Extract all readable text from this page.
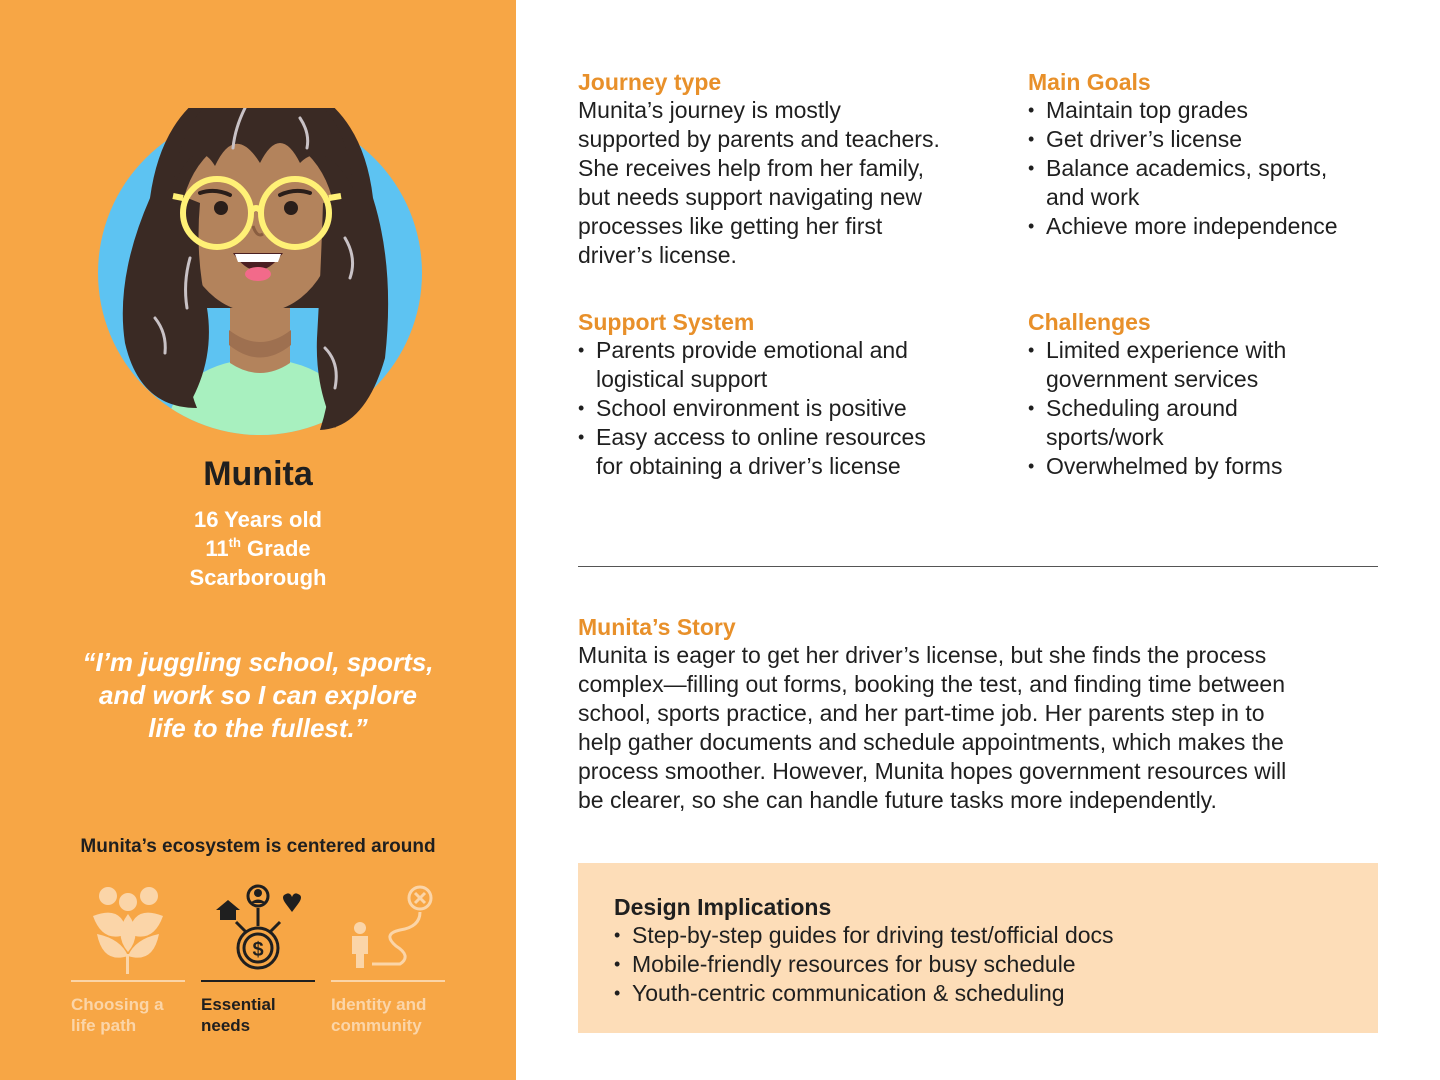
Munita
16 Years old
11th Grade
Scarborough
“I’m juggling school, sports,
and work so I can explore
life to the fullest.”
Munita’s ecosystem is centered around
Choosing a
life path
$
Essential
needs
Identity and
community
Journey type
Munita’s journey is mostly
supported by parents and teachers.
She receives help from her family,
but needs support navigating new
processes like getting her first
driver’s license.
Main Goals
• Maintain top grades
• Get driver’s license
• Balance academics, sports,
and work
• Achieve more independence
Support System
• Parents provide emotional and
logistical support
• School environment is positive
• Easy access to online resources
for obtaining a driver’s license
Challenges
• Limited experience with
government services
• Scheduling around
sports/work
• Overwhelmed by forms
Munita’s Story
Munita is eager to get her driver’s license, but she finds the process
complex—filling out forms, booking the test, and finding time between
school, sports practice, and her part-time job. Her parents step in to
help gather documents and schedule appointments, which makes the
process smoother. However, Munita hopes government resources will
be clearer, so she can handle future tasks more independently.
Design Implications
• Step-by-step guides for driving test/official docs
• Mobile-friendly resources for busy schedule
• Youth-centric communication & scheduling
